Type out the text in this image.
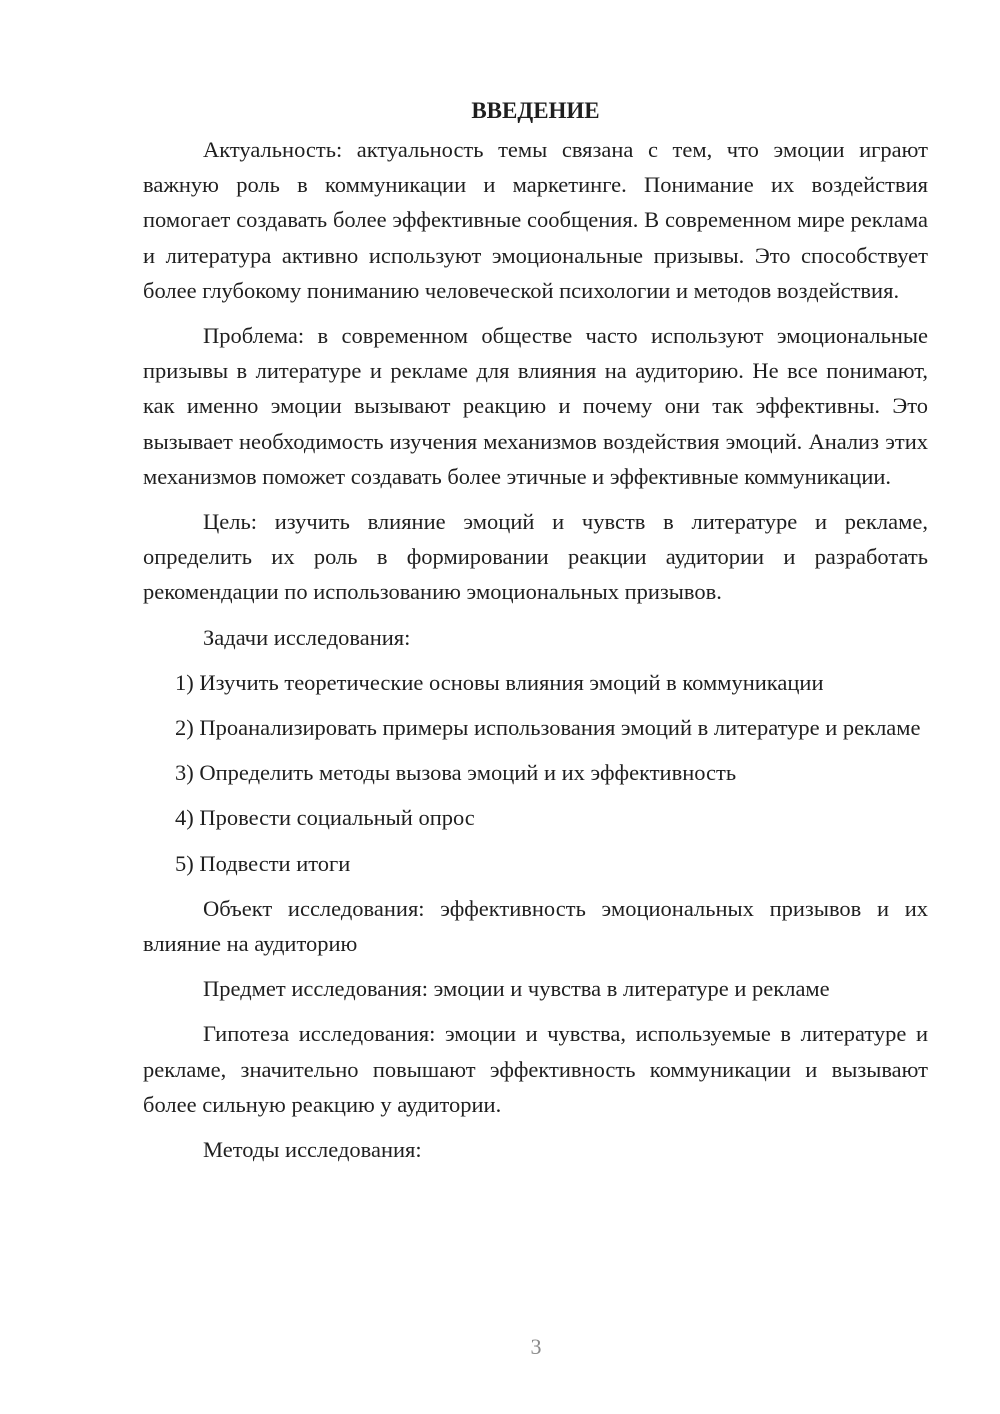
ВВЕДЕНИЕ

Актуальность: актуальность темы связана с тем, что эмоции играют важную роль в коммуникации и маркетинге. Понимание их воздействия помогает создавать более эффективные сообщения. В современном мире реклама и литература активно используют эмоциональные призывы. Это способствует более глубокому пониманию человеческой психологии и методов воздействия.

Проблема: в современном обществе часто используют эмоциональные призывы в литературе и рекламе для влияния на аудиторию. Не все понимают, как именно эмоции вызывают реакцию и почему они так эффективны. Это вызывает необходимость изучения механизмов воздействия эмоций. Анализ этих механизмов поможет создавать более этичные и эффективные коммуникации.

Цель: изучить влияние эмоций и чувств в литературе и рекламе, определить их роль в формировании реакции аудитории и разработать рекомендации по использованию эмоциональных призывов.

Задачи исследования:

1) Изучить теоретические основы влияния эмоций в коммуникации

2) Проанализировать примеры использования эмоций в литературе и рекламе

3) Определить методы вызова эмоций и их эффективность

4) Провести социальный опрос

5) Подвести итоги

Объект исследования: эффективность эмоциональных призывов и их влияние на аудиторию

Предмет исследования: эмоции и чувства в литературе и рекламе

Гипотеза исследования: эмоции и чувства, используемые в литературе и рекламе, значительно повышают эффективность коммуникации и вызывают более сильную реакцию у аудитории.

Методы исследования:

3
